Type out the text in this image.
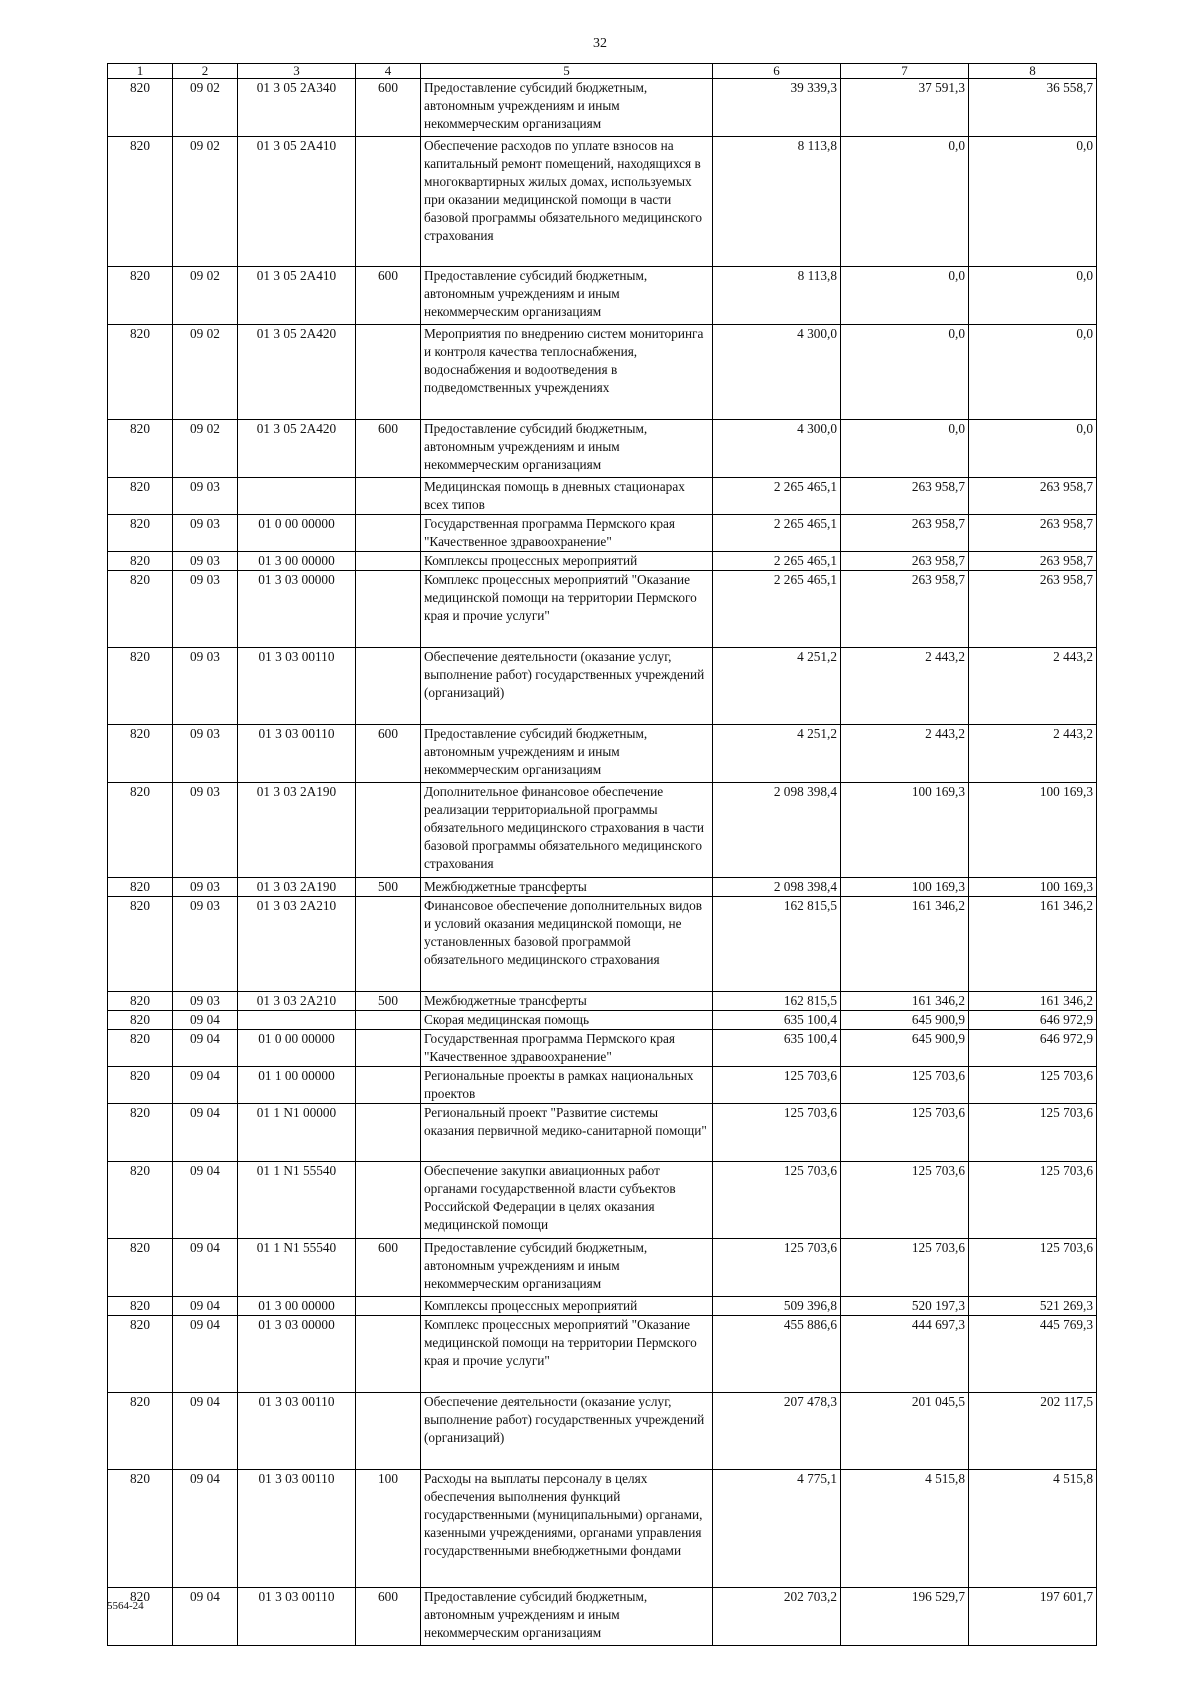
32
1	2	3	4	5	6	7	8
820	09 02	01 3 05 2А340	600	Предоставление субсидий бюджетным, автономным учреждениям и иным некоммерческим организациям	39 339,3	37 591,3	36 558,7
820	09 02	01 3 05 2А410		Обеспечение расходов по уплате взносов на капитальный ремонт помещений, находящихся в многоквартирных жилых домах, используемых при оказании медицинской помощи в части базовой программы обязательного медицинского страхования	8 113,8	0,0	0,0
820	09 02	01 3 05 2А410	600	Предоставление субсидий бюджетным, автономным учреждениям и иным некоммерческим организациям	8 113,8	0,0	0,0
820	09 02	01 3 05 2А420		Мероприятия по внедрению систем мониторинга и контроля качества теплоснабжения, водоснабжения и водоотведения в подведомственных учреждениях	4 300,0	0,0	0,0
820	09 02	01 3 05 2А420	600	Предоставление субсидий бюджетным, автономным учреждениям и иным некоммерческим организациям	4 300,0	0,0	0,0
820	09 03			Медицинская помощь в дневных стационарах всех типов	2 265 465,1	263 958,7	263 958,7
820	09 03	01 0 00 00000		Государственная программа Пермского края "Качественное здравоохранение"	2 265 465,1	263 958,7	263 958,7
820	09 03	01 3 00 00000		Комплексы процессных мероприятий	2 265 465,1	263 958,7	263 958,7
820	09 03	01 3 03 00000		Комплекс процессных мероприятий "Оказание медицинской помощи на территории Пермского края и прочие услуги"	2 265 465,1	263 958,7	263 958,7
820	09 03	01 3 03 00110		Обеспечение деятельности (оказание услуг, выполнение работ) государственных учреждений (организаций)	4 251,2	2 443,2	2 443,2
820	09 03	01 3 03 00110	600	Предоставление субсидий бюджетным, автономным учреждениям и иным некоммерческим организациям	4 251,2	2 443,2	2 443,2
820	09 03	01 3 03 2А190		Дополнительное финансовое обеспечение реализации территориальной программы обязательного медицинского страхования в части базовой программы обязательного медицинского страхования	2 098 398,4	100 169,3	100 169,3
820	09 03	01 3 03 2А190	500	Межбюджетные трансферты	2 098 398,4	100 169,3	100 169,3
820	09 03	01 3 03 2А210		Финансовое обеспечение дополнительных видов и условий оказания медицинской помощи, не установленных базовой программой обязательного медицинского страхования	162 815,5	161 346,2	161 346,2
820	09 03	01 3 03 2А210	500	Межбюджетные трансферты	162 815,5	161 346,2	161 346,2
820	09 04			Скорая медицинская помощь	635 100,4	645 900,9	646 972,9
820	09 04	01 0 00 00000		Государственная программа Пермского края "Качественное здравоохранение"	635 100,4	645 900,9	646 972,9
820	09 04	01 1 00 00000		Региональные проекты в рамках национальных проектов	125 703,6	125 703,6	125 703,6
820	09 04	01 1 N1 00000		Региональный проект "Развитие системы оказания первичной медико-санитарной помощи"	125 703,6	125 703,6	125 703,6
820	09 04	01 1 N1 55540		Обеспечение закупки авиационных работ органами государственной власти субъектов Российской Федерации в целях оказания медицинской помощи	125 703,6	125 703,6	125 703,6
820	09 04	01 1 N1 55540	600	Предоставление субсидий бюджетным, автономным учреждениям и иным некоммерческим организациям	125 703,6	125 703,6	125 703,6
820	09 04	01 3 00 00000		Комплексы процессных мероприятий	509 396,8	520 197,3	521 269,3
820	09 04	01 3 03 00000		Комплекс процессных мероприятий "Оказание медицинской помощи на территории Пермского края и прочие услуги"	455 886,6	444 697,3	445 769,3
820	09 04	01 3 03 00110		Обеспечение деятельности (оказание услуг, выполнение работ) государственных учреждений (организаций)	207 478,3	201 045,5	202 117,5
820	09 04	01 3 03 00110	100	Расходы на выплаты персоналу в целях обеспечения выполнения функций государственными (муниципальными) органами, казенными учреждениями, органами управления государственными внебюджетными фондами	4 775,1	4 515,8	4 515,8
820	09 04	01 3 03 00110	600	Предоставление субсидий бюджетным, автономным учреждениям и иным некоммерческим организациям	202 703,2	196 529,7	197 601,7
5564-24
